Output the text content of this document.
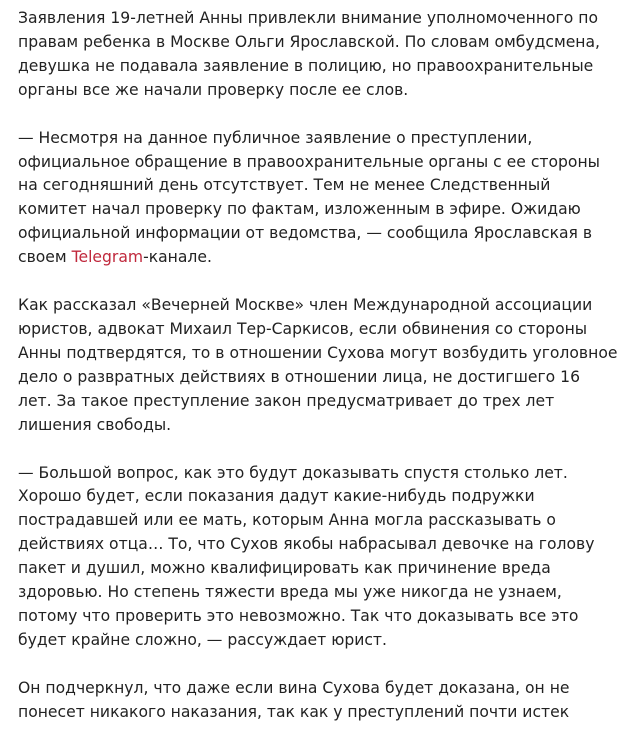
Заявления 19-летней Анны привлекли внимание уполномоченного по правам ребенка в Москве Ольги Ярославской. По словам омбудсмена, девушка не подавала заявление в полицию, но правоохранительные органы все же начали проверку после ее слов.

— Несмотря на данное публичное заявление о преступлении, официальное обращение в правоохранительные органы с ее стороны на сегодняшний день отсутствует. Тем не менее Следственный комитет начал проверку по фактам, изложенным в эфире. Ожидаю официальной информации от ведомства, — сообщила Ярославская в своем Telegram-канале.

Как рассказал «Вечерней Москве» член Международной ассоциации юристов, адвокат Михаил Тер-Саркисов, если обвинения со стороны Анны подтвердятся, то в отношении Сухова могут возбудить уголовное дело о развратных действиях в отношении лица, не достигшего 16 лет. За такое преступление закон предусматривает до трех лет лишения свободы.

— Большой вопрос, как это будут доказывать спустя столько лет. Хорошо будет, если показания дадут какие-нибудь подружки пострадавшей или ее мать, которым Анна могла рассказывать о действиях отца… То, что Сухов якобы набрасывал девочке на голову пакет и душил, можно квалифицировать как причинение вреда здоровью. Но степень тяжести вреда мы уже никогда не узнаем, потому что проверить это невозможно. Так что доказывать все это будет крайне сложно, — рассуждает юрист.

Он подчеркнул, что даже если вина Сухова будет доказана, он не понесет никакого наказания, так как у преступлений почти истек
